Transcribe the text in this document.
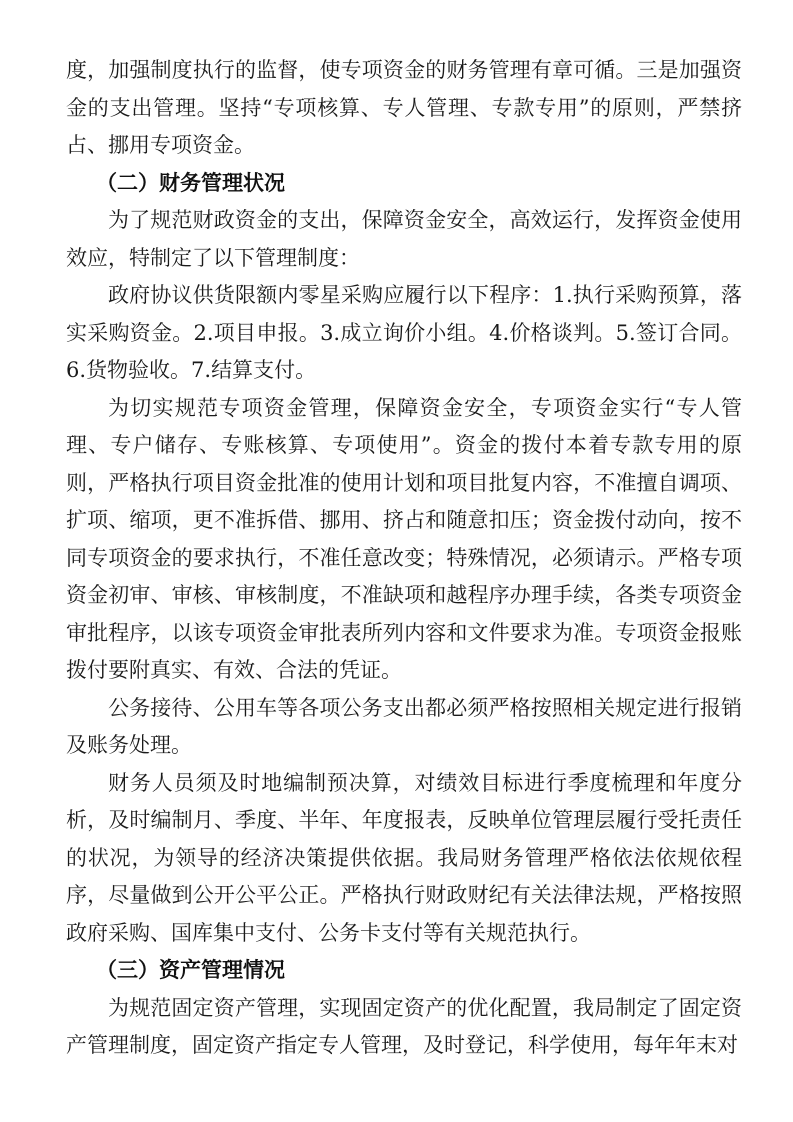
度，加强制度执行的监督，使专项资金的财务管理有章可循。三是加强资金的支出管理。坚持“专项核算、专人管理、专款专用”的原则，严禁挤占、挪用专项资金。

（二）财务管理状况

为了规范财政资金的支出，保障资金安全，高效运行，发挥资金使用效应，特制定了以下管理制度：

政府协议供货限额内零星采购应履行以下程序：1.执行采购预算，落实采购资金。2.项目申报。3.成立询价小组。4.价格谈判。5.签订合同。6.货物验收。7.结算支付。

为切实规范专项资金管理，保障资金安全，专项资金实行“专人管理、专户储存、专账核算、专项使用”。资金的拨付本着专款专用的原则，严格执行项目资金批准的使用计划和项目批复内容，不准擅自调项、扩项、缩项，更不准拆借、挪用、挤占和随意扣压；资金拨付动向，按不同专项资金的要求执行，不准任意改变；特殊情况，必须请示。严格专项资金初审、审核、审核制度，不准缺项和越程序办理手续，各类专项资金审批程序，以该专项资金审批表所列内容和文件要求为准。专项资金报账拨付要附真实、有效、合法的凭证。

公务接待、公用车等各项公务支出都必须严格按照相关规定进行报销及账务处理。

财务人员须及时地编制预决算，对绩效目标进行季度梳理和年度分析，及时编制月、季度、半年、年度报表，反映单位管理层履行受托责任的状况，为领导的经济决策提供依据。我局财务管理严格依法依规依程序，尽量做到公开公平公正。严格执行财政财纪有关法律法规，严格按照政府采购、国库集中支付、公务卡支付等有关规范执行。

（三）资产管理情况

为规范固定资产管理，实现固定资产的优化配置，我局制定了固定资产管理制度，固定资产指定专人管理，及时登记，科学使用，每年年末对
